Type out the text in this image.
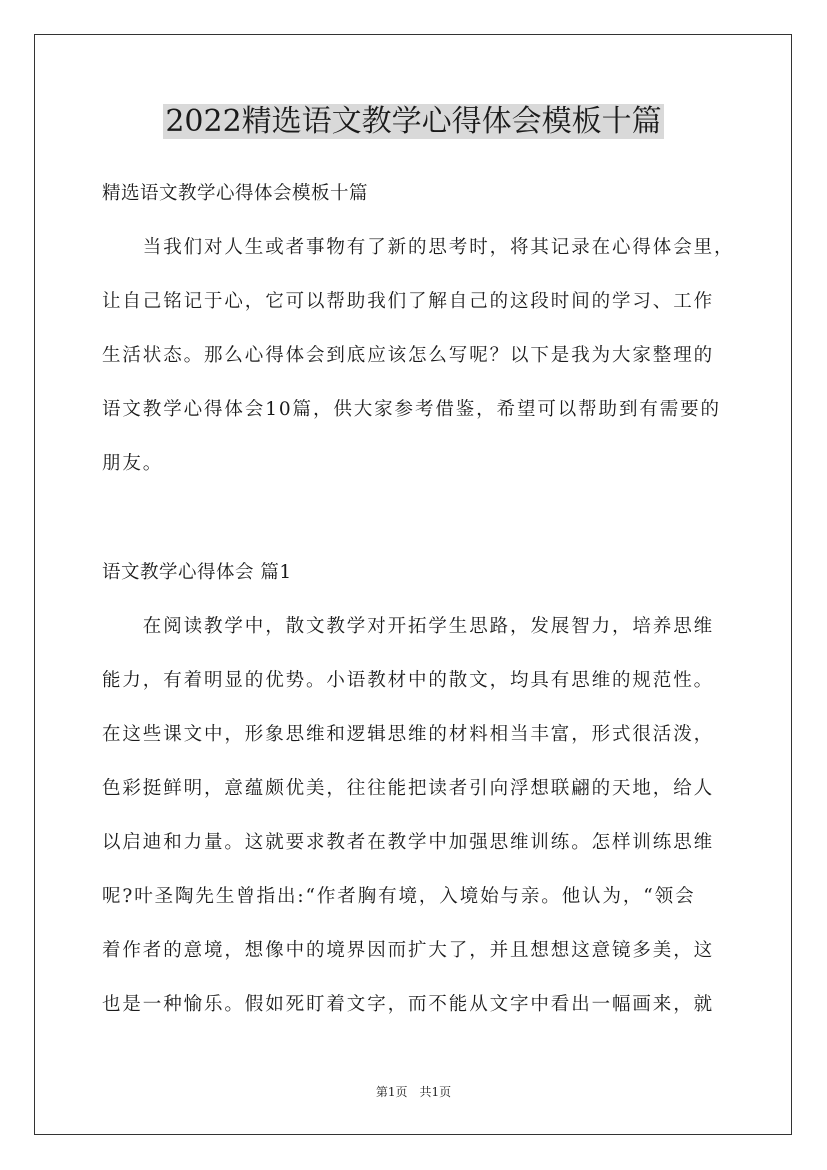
2022精选语文教学心得体会模板十篇
精选语文教学心得体会模板十篇
　　当我们对人生或者事物有了新的思考时，将其记录在心得体会里，
让自己铭记于心，它可以帮助我们了解自己的这段时间的学习、工作
生活状态。那么心得体会到底应该怎么写呢？以下是我为大家整理的
语文教学心得体会10篇，供大家参考借鉴，希望可以帮助到有需要的
朋友。
语文教学心得体会 篇1
　　在阅读教学中，散文教学对开拓学生思路，发展智力，培养思维
能力，有着明显的优势。小语教材中的散文，均具有思维的规范性。
在这些课文中，形象思维和逻辑思维的材料相当丰富，形式很活泼，
色彩挺鲜明，意蕴颇优美，往往能把读者引向浮想联翩的天地，给人
以启迪和力量。这就要求教者在教学中加强思维训练。怎样训练思维
呢?叶圣陶先生曾指出:“作者胸有境，入境始与亲。他认为，“领会
着作者的意境，想像中的境界因而扩大了，并且想想这意镜多美，这
也是一种愉乐。假如死盯着文字，而不能从文字中看出一幅画来，就
第1页　共1页
